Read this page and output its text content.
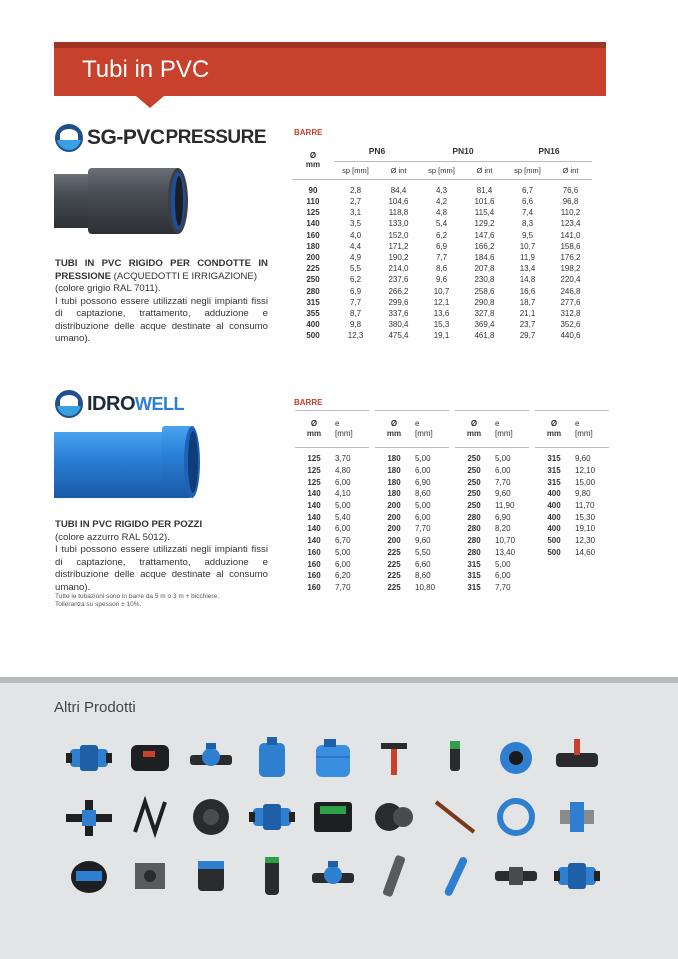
Tubi in PVC
SG-PVC PRESSURE
TUBI IN PVC RIGIDO PER CONDOTTE IN PRESSIONE (ACQUEDOTTI E IRRIGAZIONE)
(colore grigio RAL 7011).
I tubi possono essere utilizzati negli impianti fissi di captazione, trattamento, adduzione e distribuzione delle acque destinate al consumo umano).
BARRE
Ø
mm	PN6		PN10		PN16	
	sp [mm]	Ø int	sp [mm]	Ø int	sp [mm]	Ø int
90	2,8	84,4	4,3	81,4	6,7	76,6
110	2,7	104,6	4,2	101,6	6,6	96,8
125	3,1	118,8	4,8	115,4	7,4	110,2
140	3,5	133,0	5,4	129,2	8,3	123,4
160	4,0	152,0	6,2	147,6	9,5	141,0
180	4,4	171,2	6,9	166,2	10,7	158,6
200	4,9	190,2	7,7	184,6	11,9	176,2
225	5,5	214,0	8,6	207,8	13,4	198,2
250	6,2	237,6	9,6	230,8	14,8	220,4
280	6,9	266,2	10,7	258,6	16,6	246,8
315	7,7	299,6	12,1	290,8	18,7	277,6
355	8,7	337,6	13,6	327,8	21,1	312,8
400	9,8	380,4	15,3	369,4	23,7	352,6
500	12,3	475,4	19,1	461,8	29,7	440,6
IDRO WELL
TUBI IN PVC RIGIDO PER POZZI
(colore azzurro RAL 5012).
I tubi possono essere utilizzati negli impianti fissi di captazione, trattamento, adduzione e distribuzione delle acque destinate al consumo umano).
Tutte le tubazioni sono in barre da 5 m o 3 m + bicchiere.
Tolleranza su spessori ± 10%.
BARRE
Ø
mm
e
[mm]
125	3,70
125	4,80
125	6,00
140	4,10
140	5,00
140	5,40
140	6,00
140	6,70
160	5,00
160	6,00
160	6,20
160	7,70
Ø
mm
e
[mm]
180	5,00
180	6,00
180	6,90
180	8,60
200	5,00
200	6,00
200	7,70
200	9,60
225	5,50
225	6,60
225	8,60
225	10,80
Ø
mm
e
[mm]
250	5,00
250	6,00
250	7,70
250	9,60
250	11,90
280	6,90
280	8,20
280	10,70
280	13,40
315	5,00
315	6,00
315	7,70
Ø
mm
e
[mm]
315	9,60
315	12,10
315	15,00
400	9,80
400	11,70
400	15,30
400	19,10
500	12,30
500	14,60
Altri Prodotti
